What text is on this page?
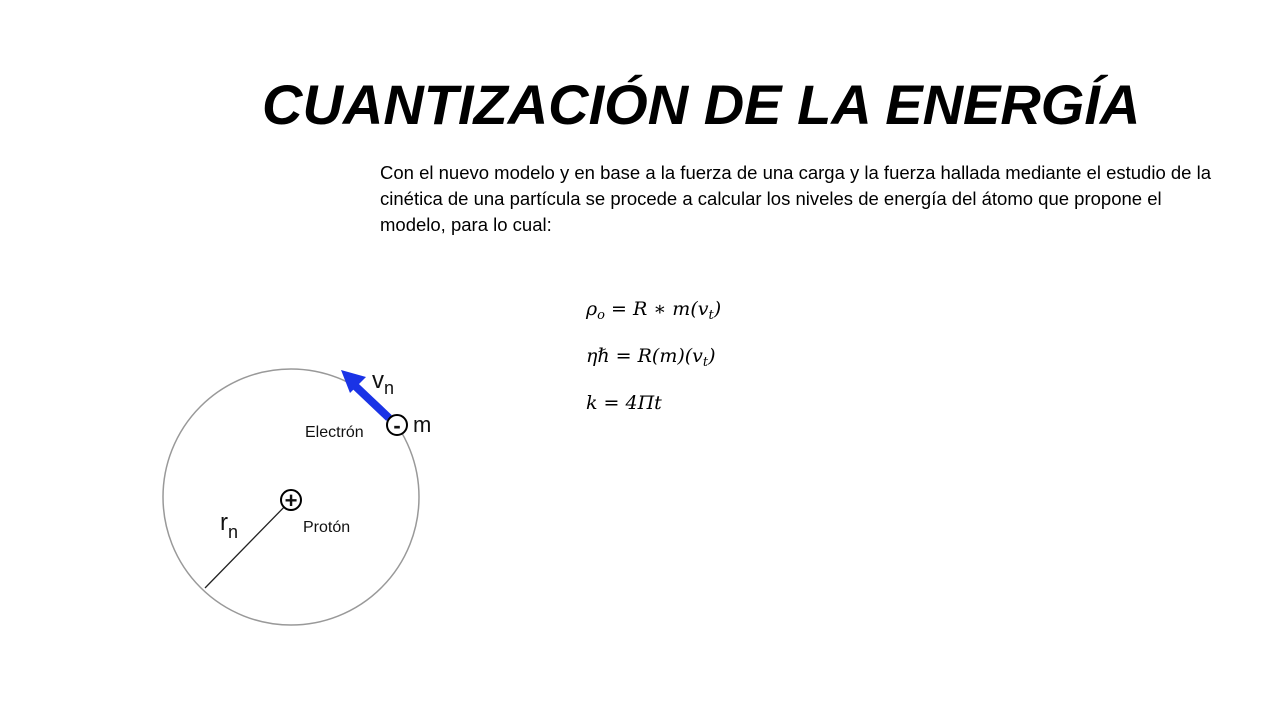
CUANTIZACIÓN DE LA ENERGÍA

Con el nuevo modelo y en base a la fuerza de una carga y la fuerza hallada mediante el estudio de la cinética de una partícula se procede a calcular los niveles de energía del átomo que propone el modelo, para lo cual:

$\rho_o = R$ ∗ $m(v_t)$
ηℏ = $R(m)(v_t)$
k = 4Πt
+
Protón
$r_n$
$v_n$
- m
Electrón
